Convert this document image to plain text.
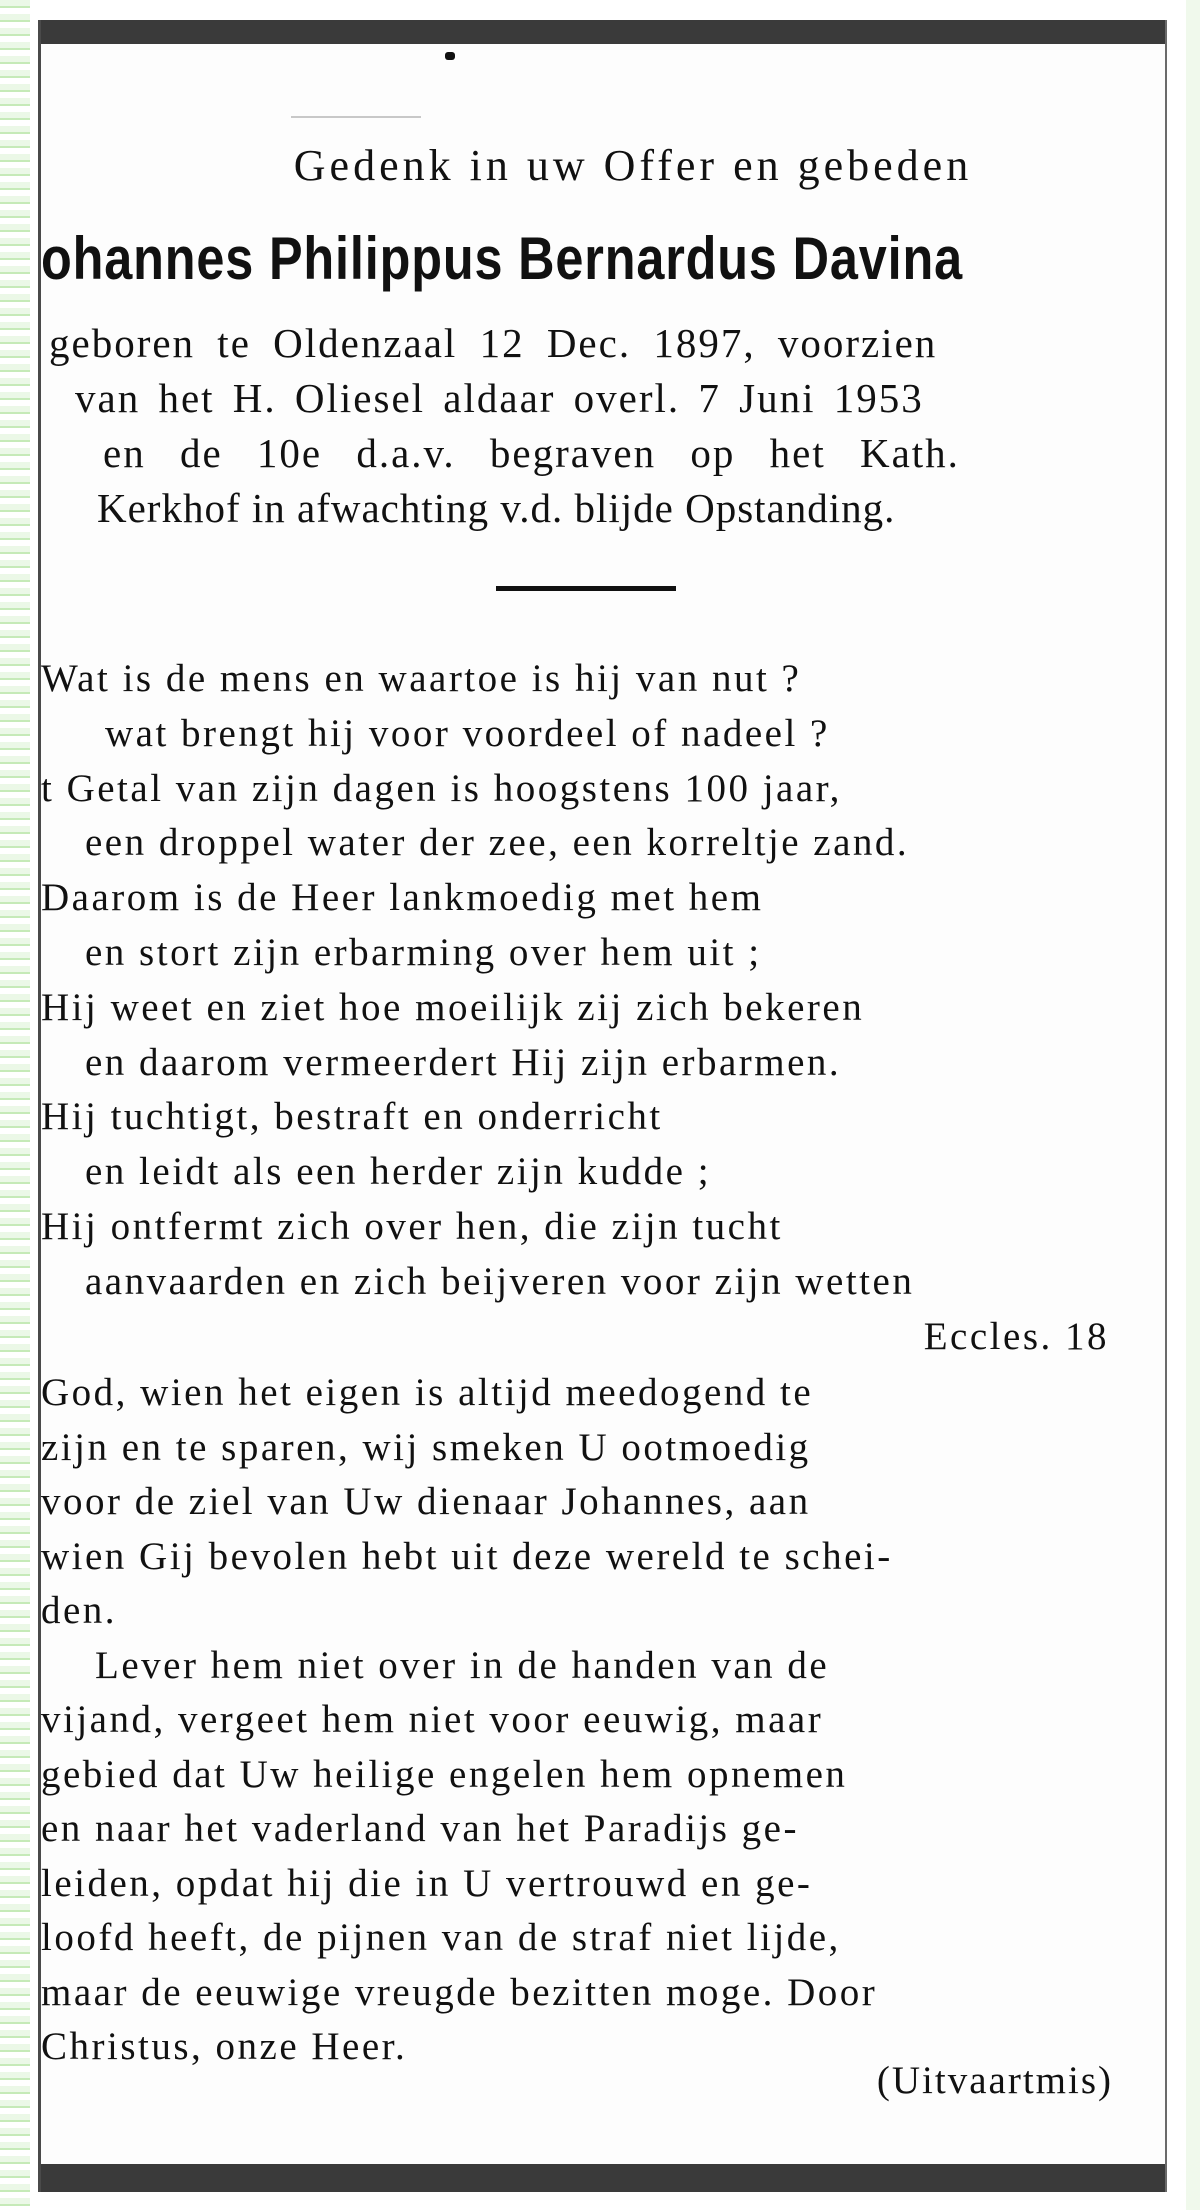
Gedenk in uw Offer en gebeden
ohannes Philippus Bernardus Davina
geboren te Oldenzaal 12 Dec. 1897, voorzien
van het H. Oliesel aldaar overl. 7 Juni 1953
en de 10e d.a.v. begraven op het Kath.
Kerkhof in afwachting v.d. blijde Opstanding.
Wat is de mens en waartoe is hij van nut ?
wat brengt hij voor voordeel of nadeel ?
t Getal van zijn dagen is hoogstens 100 jaar,
een droppel water der zee, een korreltje zand.
Daarom is de Heer lankmoedig met hem
en stort zijn erbarming over hem uit ;
Hij weet en ziet hoe moeilijk zij zich bekeren
en daarom vermeerdert Hij zijn erbarmen.
Hij tuchtigt, bestraft en onderricht
en leidt als een herder zijn kudde ;
Hij ontfermt zich over hen, die zijn tucht
aanvaarden en zich beijveren voor zijn wetten
Eccles. 18
God, wien het eigen is altijd meedogend te
zijn en te sparen, wij smeken U ootmoedig
voor de ziel van Uw dienaar Johannes, aan
wien Gij bevolen hebt uit deze wereld te schei-
den.
Lever hem niet over in de handen van de
vijand, vergeet hem niet voor eeuwig, maar
gebied dat Uw heilige engelen hem opnemen
en naar het vaderland van het Paradijs ge-
leiden, opdat hij die in U vertrouwd en ge-
loofd heeft, de pijnen van de straf niet lijde,
maar de eeuwige vreugde bezitten moge. Door
Christus, onze Heer.
(Uitvaartmis)
